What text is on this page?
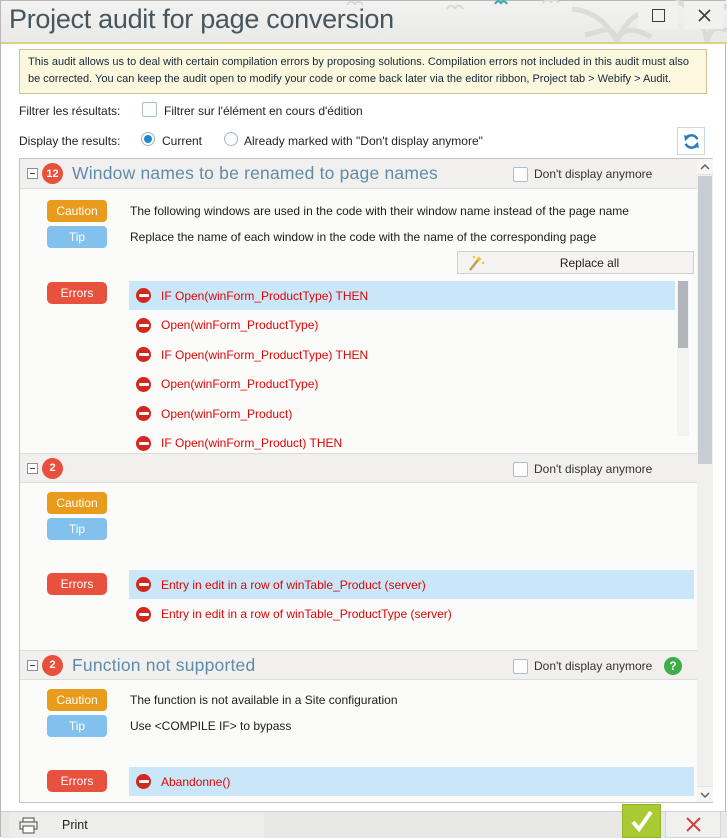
Project audit for page conversion
This audit allows us to deal with certain compilation errors by proposing solutions. Compilation errors not included in this audit must also be corrected. You can keep the audit open to modify your code or come back later via the editor ribbon, Project tab > Webify > Audit.
Filtrer les résultats:	Filtrer sur l'élément en cours d'édition
Display the results:	Current	Already marked with "Don't display anymore"
12 Window names to be renamed to page names	Don't display anymore
Caution	The following windows are used in the code with their window name instead of the page name
Tip	Replace the name of each window in the code with the name of the corresponding page
Replace all
Errors	IF Open(winForm_ProductType) THEN
Open(winForm_ProductType)
IF Open(winForm_ProductType) THEN
Open(winForm_ProductType)
Open(winForm_Product)
IF Open(winForm_Product) THEN
2	Don't display anymore
Caution
Tip
Errors	Entry in edit in a row of winTable_Product (server)
Entry in edit in a row of winTable_ProductType (server)
2 Function not supported	Don't display anymore	?
Caution	The function is not available in a Site configuration
Tip	Use <COMPILE IF> to bypass
Errors	Abandonne()
Print
